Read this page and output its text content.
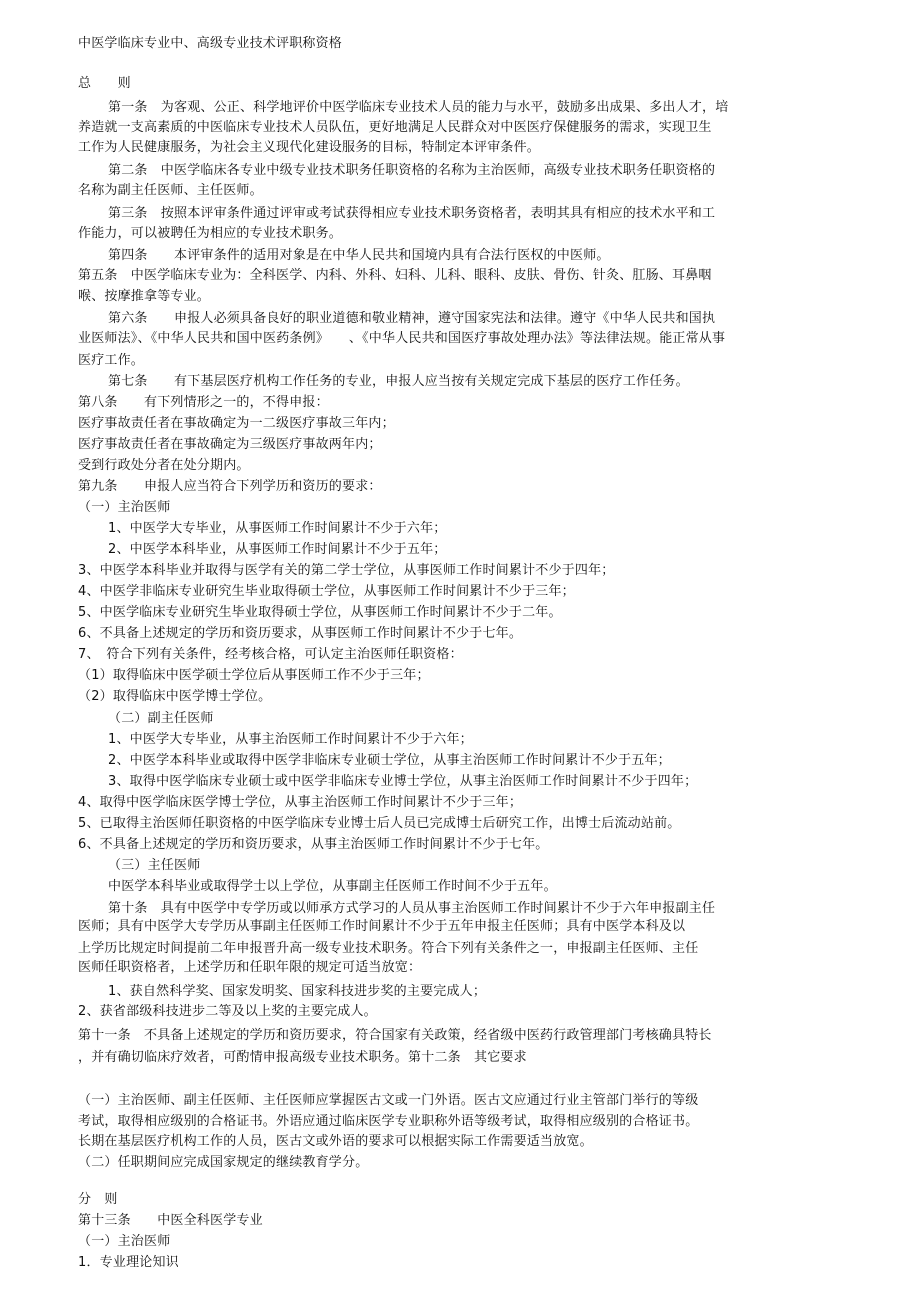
中医学临床专业中、高级专业技术评职称资格
总　　则
第一条　为客观、公正、科学地评价中医学临床专业技术人员的能力与水平，鼓励多出成果、多出人才，培
养造就一支高素质的中医临床专业技术人员队伍，更好地满足人民群众对中医医疗保健服务的需求，实现卫生
工作为人民健康服务，为社会主义现代化建设服务的目标，特制定本评审条件。
第二条　中医学临床各专业中级专业技术职务任职资格的名称为主治医师，高级专业技术职务任职资格的
名称为副主任医师、主任医师。
第三条　按照本评审条件通过评审或考试获得相应专业技术职务资格者，表明其具有相应的技术水平和工
作能力，可以被聘任为相应的专业技术职务。
第四条　　本评审条件的适用对象是在中华人民共和国境内具有合法行医权的中医师。
第五条　中医学临床专业为：全科医学、内科、外科、妇科、儿科、眼科、皮肤、骨伤、针灸、肛肠、耳鼻咽
喉、按摩推拿等专业。
第六条　　申报人必须具备良好的职业道德和敬业精神，遵守国家宪法和法律。遵守《中华人民共和国执
业医师法》、《中华人民共和国中医药条例》　　、《中华人民共和国医疗事故处理办法》等法律法规。能正常从事
医疗工作。
第七条　　有下基层医疗机构工作任务的专业，申报人应当按有关规定完成下基层的医疗工作任务。
第八条　　有下列情形之一的，不得申报：
医疗事故责任者在事故确定为一二级医疗事故三年内；
医疗事故责任者在事故确定为三级医疗事故两年内；
受到行政处分者在处分期内。
第九条　　申报人应当符合下列学历和资历的要求：
（一）主治医师
1、中医学大专毕业，从事医师工作时间累计不少于六年；
2、中医学本科毕业，从事医师工作时间累计不少于五年；
3、中医学本科毕业并取得与医学有关的第二学士学位，从事医师工作时间累计不少于四年；
4、中医学非临床专业研究生毕业取得硕士学位，从事医师工作时间累计不少于三年；
5、中医学临床专业研究生毕业取得硕士学位，从事医师工作时间累计不少于二年。
6、不具备上述规定的学历和资历要求，从事医师工作时间累计不少于七年。
7、　符合下列有关条件，经考核合格，可认定主治医师任职资格：
（1）取得临床中医学硕士学位后从事医师工作不少于三年；
（2）取得临床中医学博士学位。
（二）副主任医师
1、中医学大专毕业，从事主治医师工作时间累计不少于六年；
2、中医学本科毕业或取得中医学非临床专业硕士学位，从事主治医师工作时间累计不少于五年；
3、取得中医学临床专业硕士或中医学非临床专业博士学位，从事主治医师工作时间累计不少于四年；
4、取得中医学临床医学博士学位，从事主治医师工作时间累计不少于三年；
5、已取得主治医师任职资格的中医学临床专业博士后人员已完成博士后研究工作，出博士后流动站前。
6、不具备上述规定的学历和资历要求，从事主治医师工作时间累计不少于七年。
（三）主任医师
中医学本科毕业或取得学士以上学位，从事副主任医师工作时间不少于五年。
第十条　具有中医学中专学历或以师承方式学习的人员从事主治医师工作时间累计不少于六年申报副主任
医师；具有中医学大专学历从事副主任医师工作时间累计不少于五年申报主任医师；具有中医学本科及以
上学历比规定时间提前二年申报晋升高一级专业技术职务。符合下列有关条件之一，申报副主任医师、主任
医师任职资格者，上述学历和任职年限的规定可适当放宽：
1、获自然科学奖、国家发明奖、国家科技进步奖的主要完成人；
2、获省部级科技进步二等及以上奖的主要完成人。
第十一条　不具备上述规定的学历和资历要求，符合国家有关政策，经省级中医药行政管理部门考核确具特长
，并有确切临床疗效者，可酌情申报高级专业技术职务。第十二条　其它要求
（一）主治医师、副主任医师、主任医师应掌握医古文或一门外语。医古文应通过行业主管部门举行的等级
考试，取得相应级别的合格证书。外语应通过临床医学专业职称外语等级考试，取得相应级别的合格证书。
长期在基层医疗机构工作的人员，医古文或外语的要求可以根据实际工作需要适当放宽。
（二）任职期间应完成国家规定的继续教育学分。
分　则
第十三条　　中医全科医学专业
（一）主治医师
1．专业理论知识
